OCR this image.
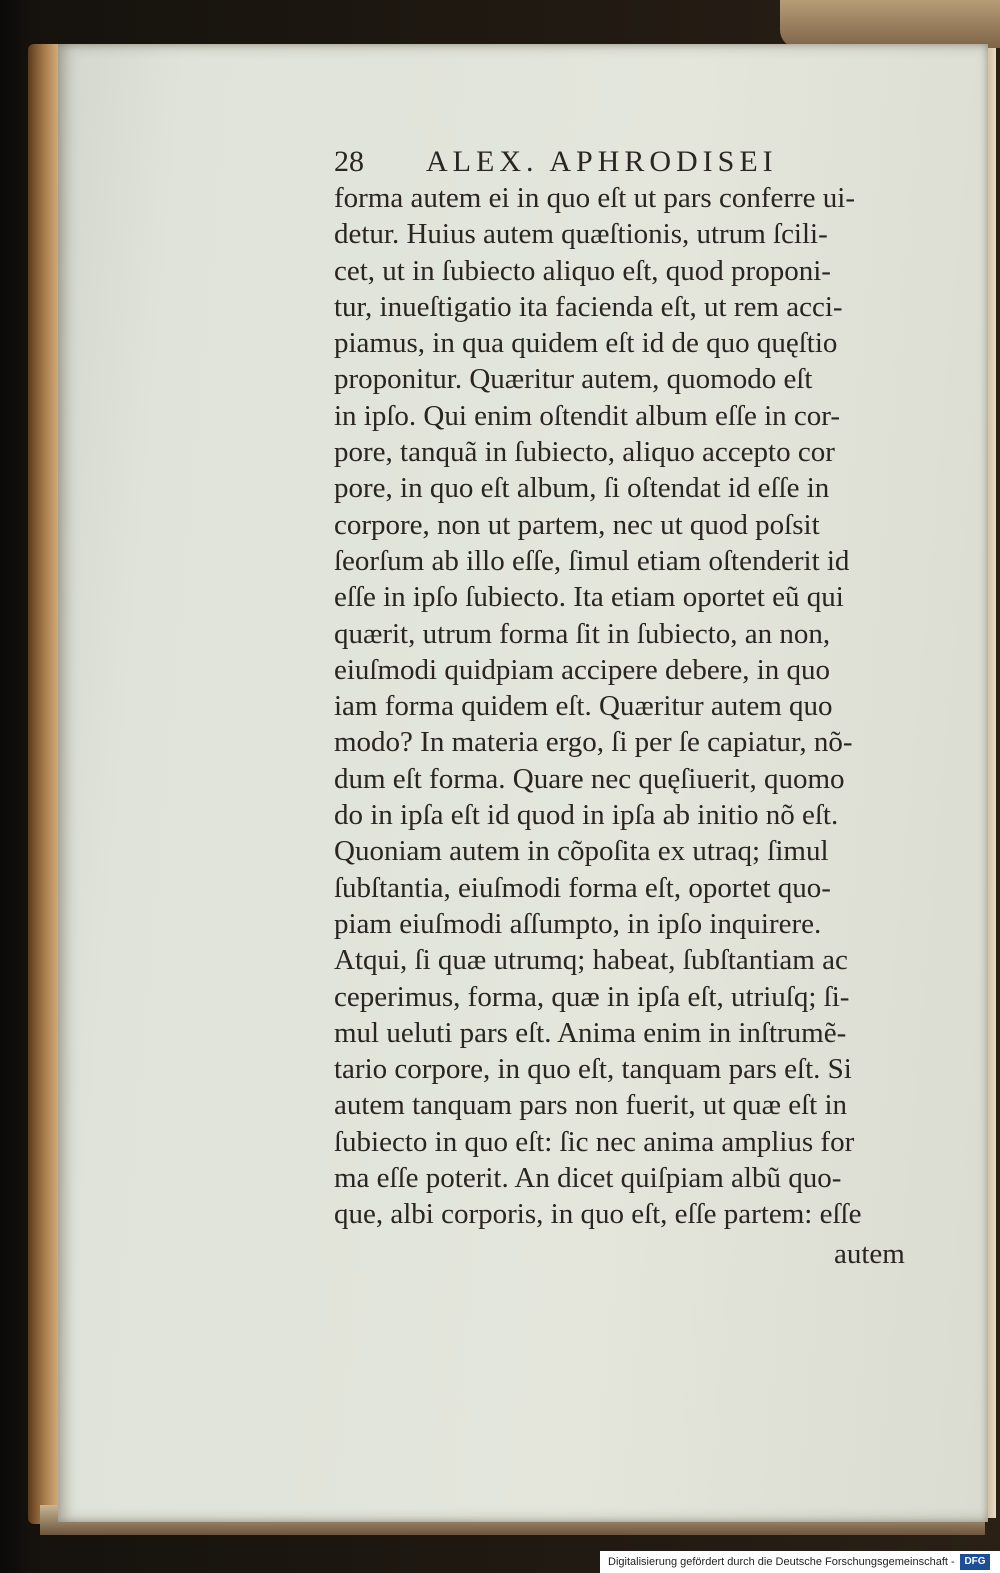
28 ALEX. APHRODISEI
forma autem ei in quo eſt ut pars conferre ui-
detur. Huius autem quæſtionis, utrum ſcili-
cet, ut in ſubiecto aliquo eſt, quod proponi-
tur, inueſtigatio ita facienda eſt, ut rem acci-
piamus, in qua quidem eſt id de quo quęſtio
proponitur. Quæritur autem, quomodo eſt
in ipſo. Qui enim oſtendit album eſſe in cor-
pore, tanquã in ſubiecto, aliquo accepto cor
pore, in quo eſt album, ſi oſtendat id eſſe in
corpore, non ut partem, nec ut quod poſsit
ſeorſum ab illo eſſe, ſimul etiam oſtenderit id
eſſe in ipſo ſubiecto. Ita etiam oportet eũ qui
quærit, utrum forma ſit in ſubiecto, an non,
eiuſmodi quidpiam accipere debere, in quo
iam forma quidem eſt. Quæritur autem quo
modo? In materia ergo, ſi per ſe capiatur, nõ-
dum eſt forma. Quare nec quęſiuerit, quomo
do in ipſa eſt id quod in ipſa ab initio nõ eſt.
Quoniam autem in cõpoſita ex utraq; ſimul
ſubſtantia, eiuſmodi forma eſt, oportet quo-
piam eiuſmodi aſſumpto, in ipſo inquirere.
Atqui, ſi quæ utrumq; habeat, ſubſtantiam ac
ceperimus, forma, quæ in ipſa eſt, utriuſq; ſi-
mul ueluti pars eſt. Anima enim in inſtrumẽ-
tario corpore, in quo eſt, tanquam pars eſt. Si
autem tanquam pars non fuerit, ut quæ eſt in
ſubiecto in quo eſt: ſic nec anima amplius for
ma eſſe poterit. An dicet quiſpiam albũ quo-
que, albi corporis, in quo eſt, eſſe partem: eſſe
autem
Digitalisierung gefördert durch die Deutsche Forschungsgemeinschaft - DFG
